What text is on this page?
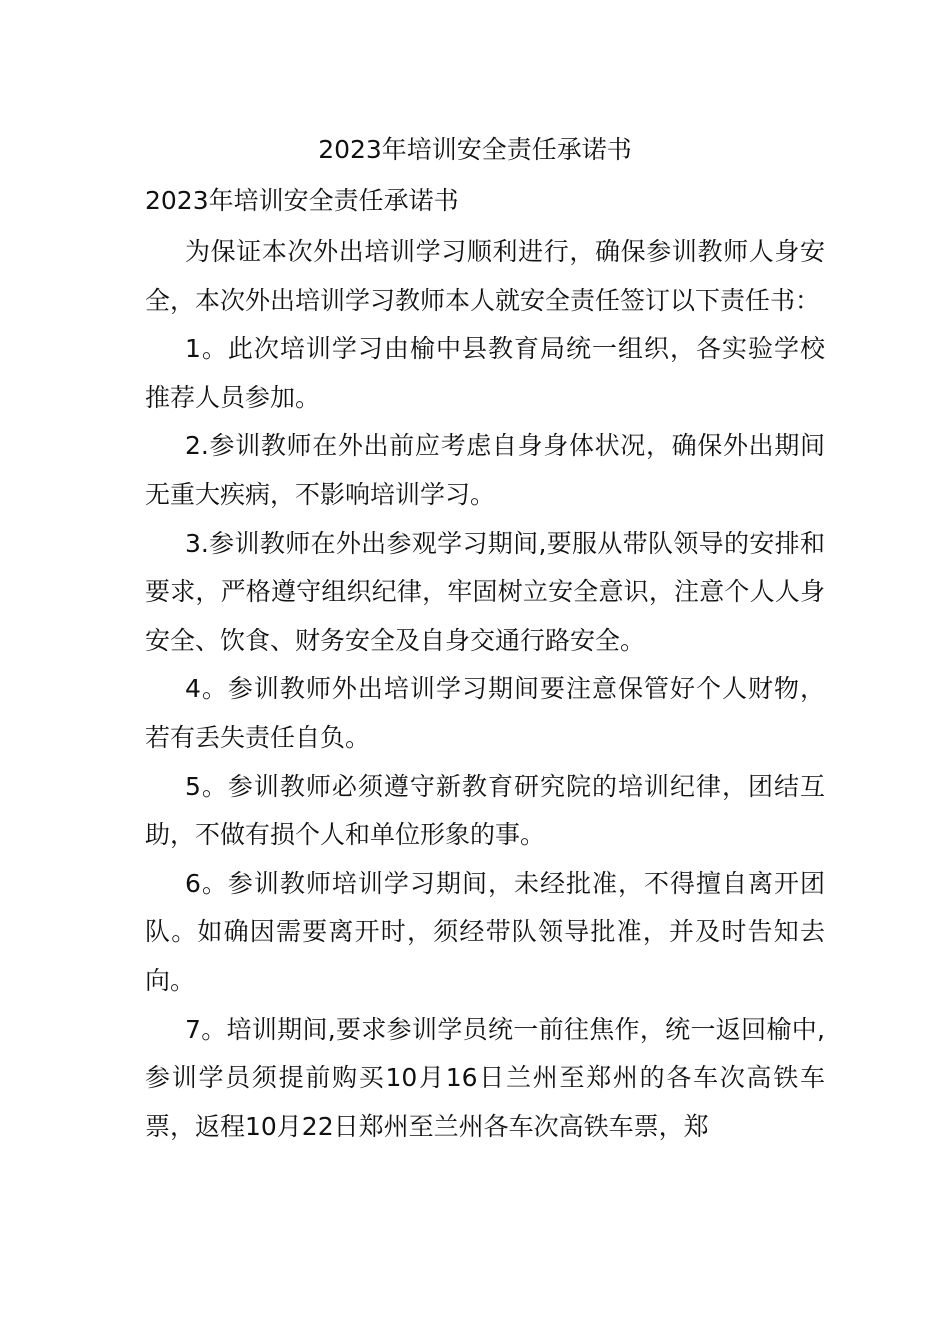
2023年培训安全责任承诺书
2023年培训安全责任承诺书

为保证本次外出培训学习顺利进行，确保参训教师人身安全，本次外出培训学习教师本人就安全责任签订以下责任书：

1。此次培训学习由榆中县教育局统一组织，各实验学校推荐人员参加。

2.参训教师在外出前应考虑自身身体状况，确保外出期间无重大疾病，不影响培训学习。

3.参训教师在外出参观学习期间,要服从带队领导的安排和要求，严格遵守组织纪律，牢固树立安全意识，注意个人人身安全、饮食、财务安全及自身交通行路安全。

4。参训教师外出培训学习期间要注意保管好个人财物，若有丢失责任自负。

5。参训教师必须遵守新教育研究院的培训纪律，团结互助，不做有损个人和单位形象的事。

6。参训教师培训学习期间，未经批准，不得擅自离开团队。如确因需要离开时，须经带队领导批准，并及时告知去向。

7。培训期间,要求参训学员统一前往焦作，统一返回榆中,参训学员须提前购买10月16日兰州至郑州的各车次高铁车票，返程10月22日郑州至兰州各车次高铁车票，郑
